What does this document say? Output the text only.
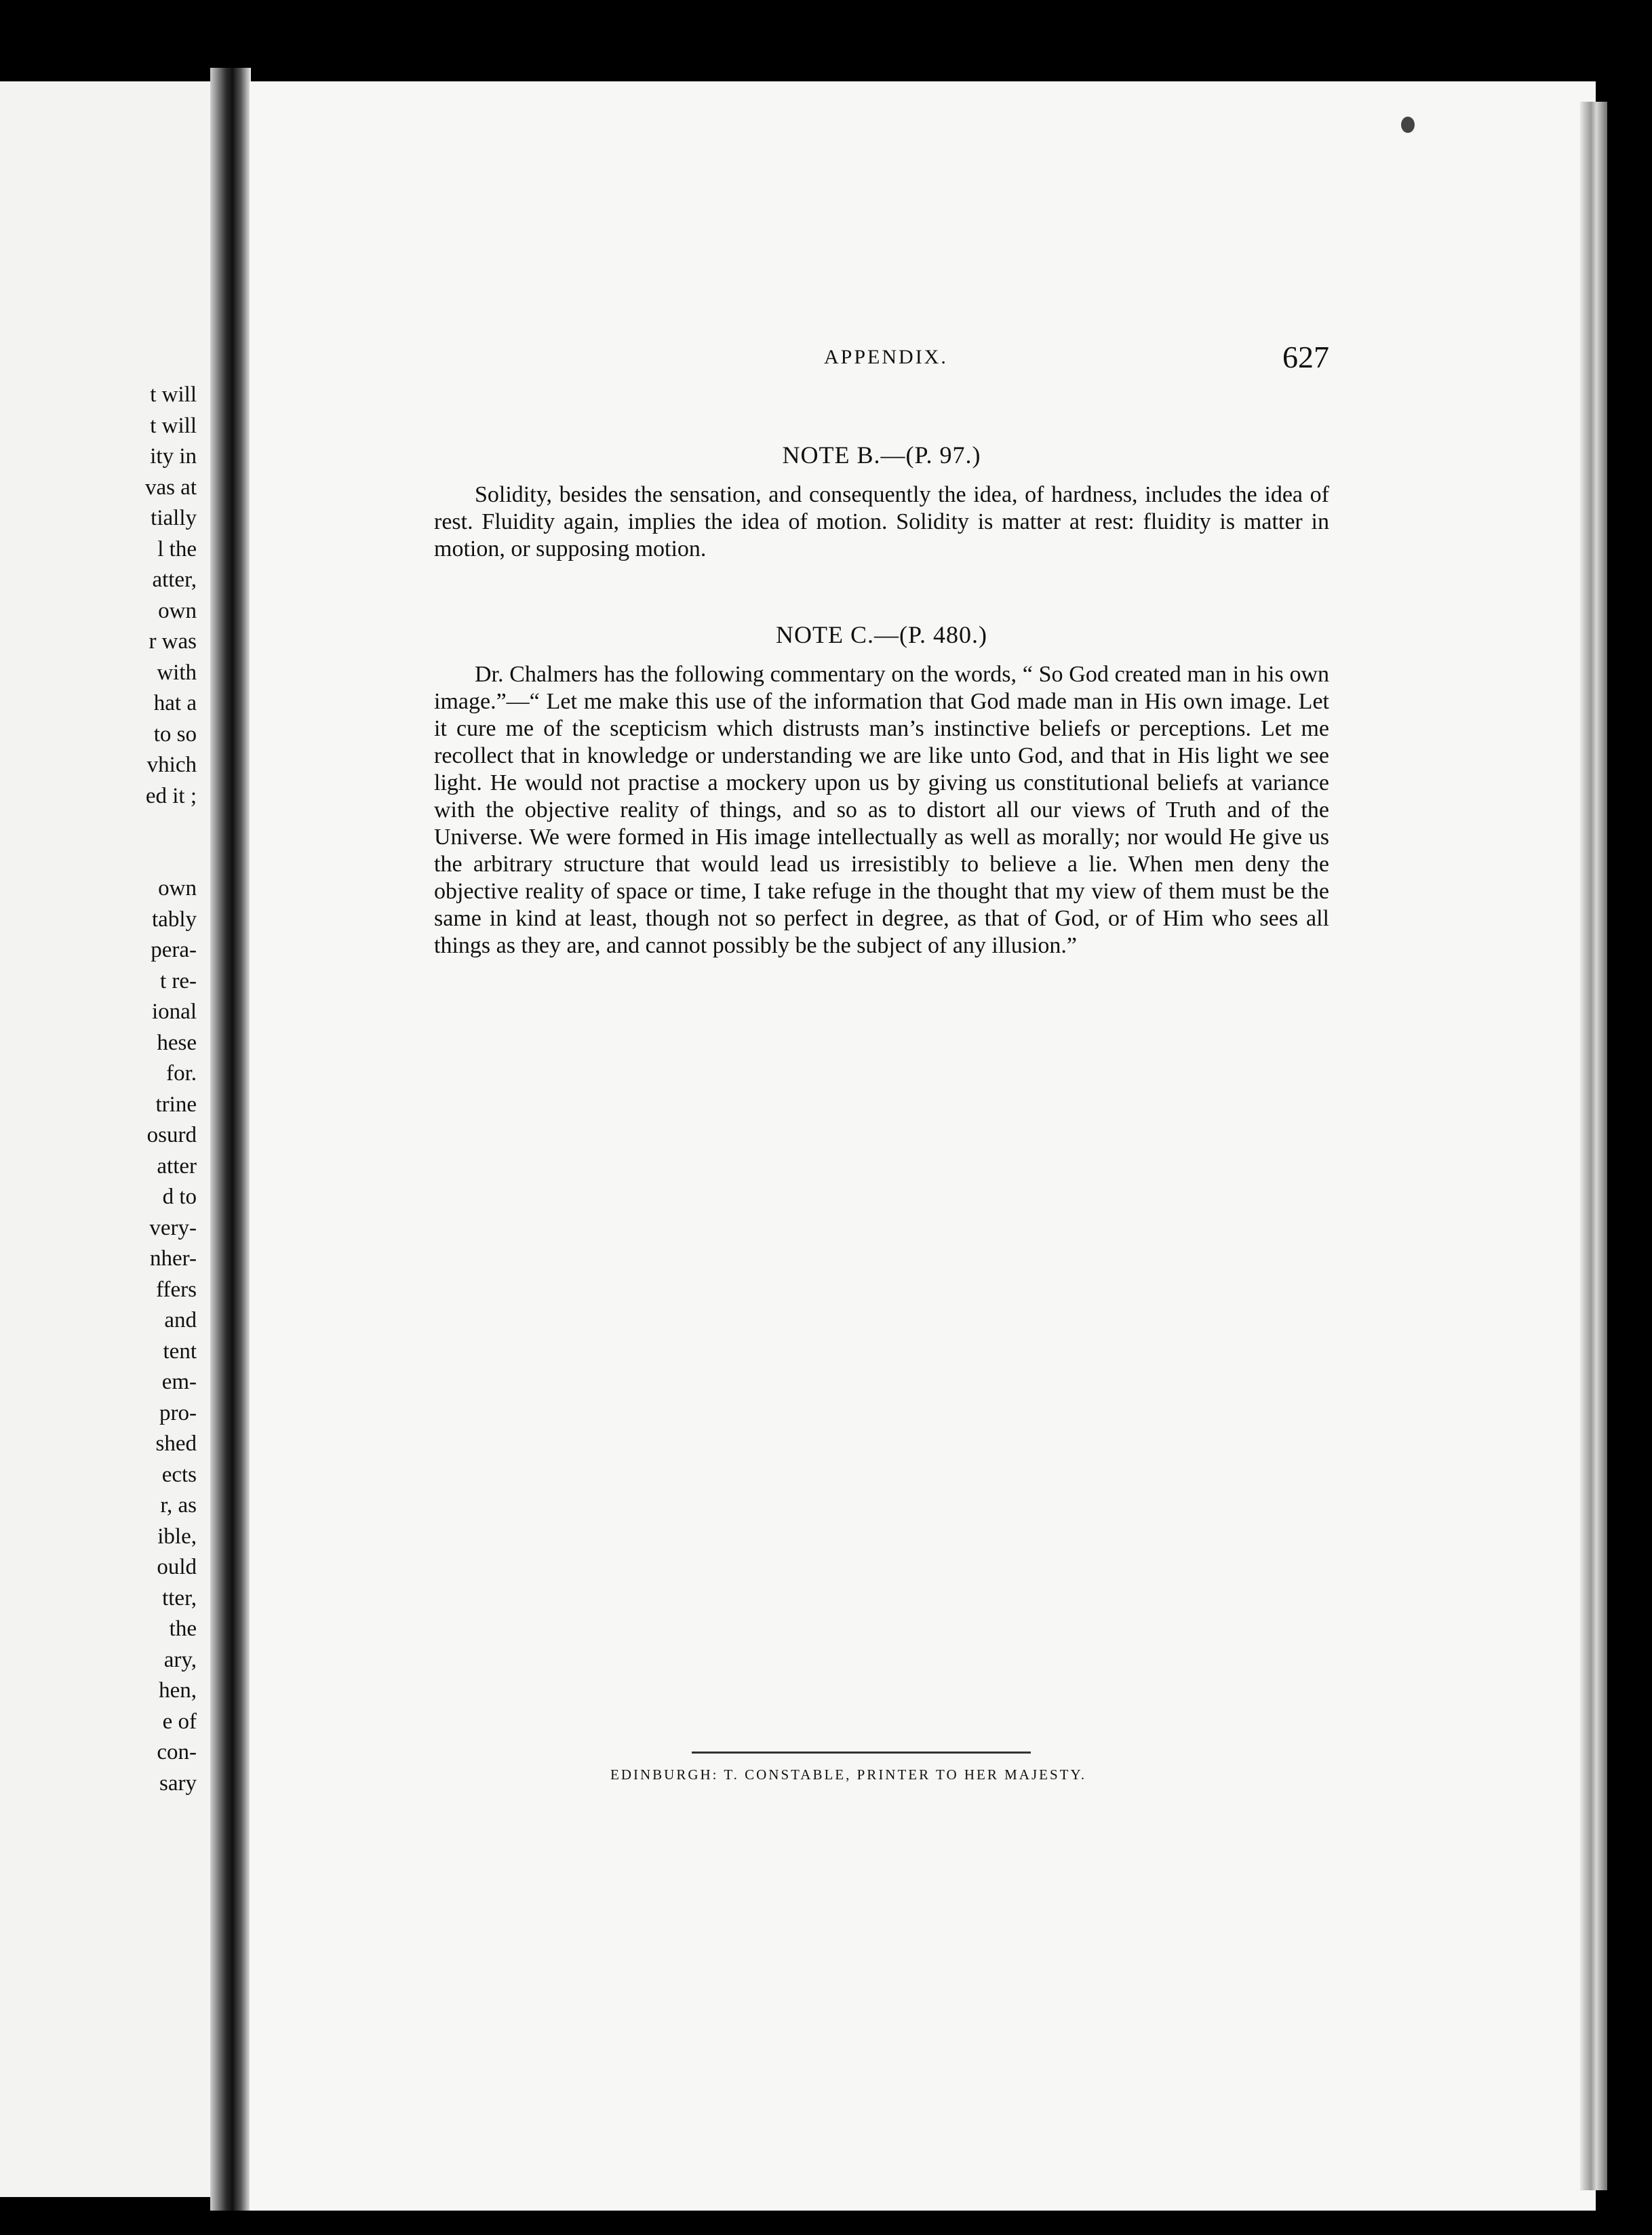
t will
t will
ity in
vas at
tially
l the
atter,
own
r was
with
hat a
to so
vhich
ed it ;

own
tably
pera-
t re-
ional
hese
for.
trine
osurd
atter
d to
very-
nher-
ffers
and
tent
em-
pro-
shed
ects
r, as
ible,
ould
tter,
the
ary,
hen,
e of
con-
sary
APPENDIX.	627

NOTE B.—(P. 97.)

Solidity, besides the sensation, and consequently the idea, of hardness, includes the idea of rest. Fluidity again, implies the idea of motion. Solidity is matter at rest: fluidity is matter in motion, or supposing motion.

NOTE C.—(P. 480.)

Dr. Chalmers has the following commentary on the words, “ So God created man in his own image.”—“ Let me make this use of the information that God made man in His own image. Let it cure me of the scepticism which distrusts man’s instinctive beliefs or perceptions. Let me recollect that in knowledge or understanding we are like unto God, and that in His light we see light. He would not practise a mockery upon us by giving us constitutional beliefs at variance with the objective reality of things, and so as to distort all our views of Truth and of the Universe. We were formed in His image intellectually as well as morally; nor would He give us the arbitrary structure that would lead us irresistibly to believe a lie. When men deny the objective reality of space or time, I take refuge in the thought that my view of them must be the same in kind at least, though not so perfect in degree, as that of God, or of Him who sees all things as they are, and cannot possibly be the subject of any illusion.”

EDINBURGH: T. CONSTABLE, PRINTER TO HER MAJESTY.
